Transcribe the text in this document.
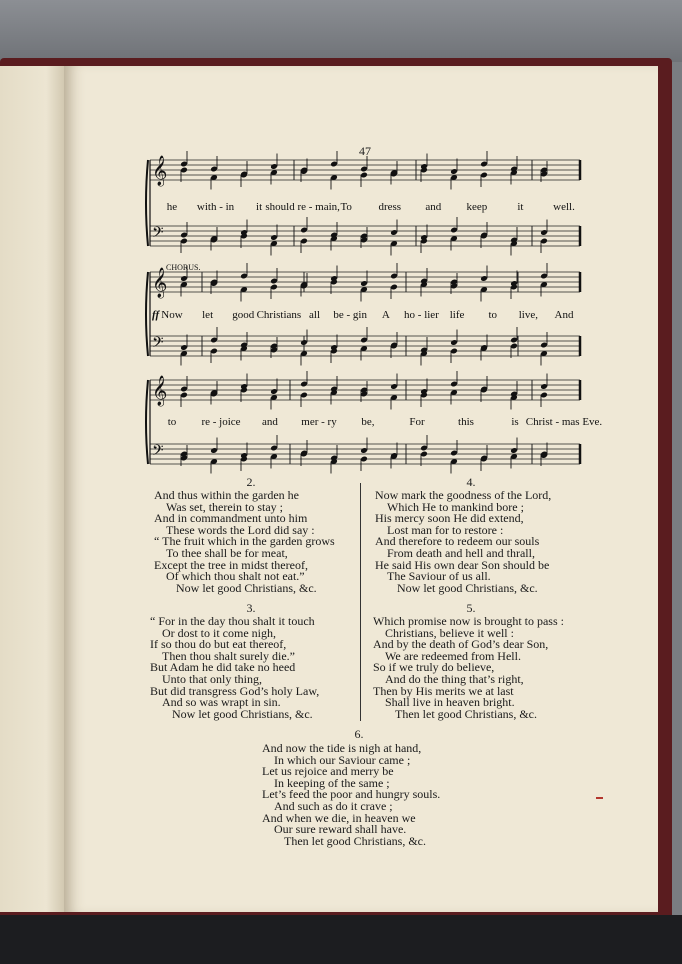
47
𝄞
𝄢
𝄞
𝄢
𝄞
𝄢
he with - in it should re - main, To dress and keep	it	well.
Now let good Christians all be - gin A ho - lier life to live, And
to re - joice and mer - ry be,	For	this	is Christ - mas Eve.
CHORUS.
ff
2.
And thus within the garden he
Was set, therein to stay ;
And in commandment unto him
These words the Lord did say :
“ The fruit which in the garden grows
To thee shall be for meat,
Except the tree in midst thereof,
Of which thou shalt not eat.”
Now let good Christians, &c.
3.
“ For in the day thou shalt it touch
Or dost to it come nigh,
If so thou do but eat thereof,
Then thou shalt surely die.”
But Adam he did take no heed
Unto that only thing,
But did transgress God’s holy Law,
And so was wrapt in sin.
Now let good Christians, &c.
4.
Now mark the goodness of the Lord,
Which He to mankind bore ;
His mercy soon He did extend,
Lost man for to restore :
And therefore to redeem our souls
From death and hell and thrall,
He said His own dear Son should be
The Saviour of us all.
Now let good Christians, &c.
5.
Which promise now is brought to pass :
Christians, believe it well :
And by the death of God’s dear Son,
We are redeemed from Hell.
So if we truly do believe,
And do the thing that’s right,
Then by His merits we at last
Shall live in heaven bright.
Then let good Christians, &c.
6.
And now the tide is nigh at hand,
In which our Saviour came ;
Let us rejoice and merry be
In keeping of the same ;
Let’s feed the poor and hungry souls.
And such as do it crave ;
And when we die, in heaven we
Our sure reward shall have.
Then let good Christians, &c.
